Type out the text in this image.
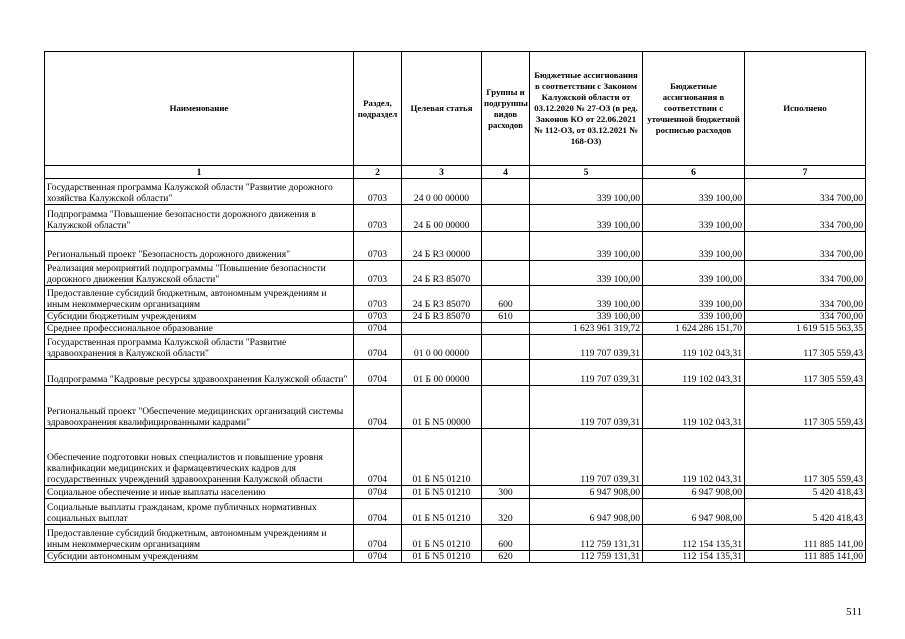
Наименование	Раздел, подраздел	Целевая статья	Группы и подгруппы видов расходов	Бюджетные ассигнования в соответствии с Законом Калужской области от 03.12.2020 № 27-ОЗ (в ред. Законов КО от 22.06.2021 № 112-ОЗ, от 03.12.2021 № 168-ОЗ)	Бюджетные ассигнования в соответствии с уточненной бюджетной росписью расходов	Исполнено
1	2	3	4	5	6	7
Государственная программа Калужской области "Развитие дорожного хозяйства Калужской области"	0703	24 0 00 00000		339 100,00	339 100,00	334 700,00
Подпрограмма "Повышение безопасности дорожного движения в Калужской области"	0703	24 Б 00 00000		339 100,00	339 100,00	334 700,00
Региональный проект "Безопасность дорожного движения"	0703	24 Б R3 00000		339 100,00	339 100,00	334 700,00
Реализация мероприятий подпрограммы "Повышение безопасности дорожного движения Калужской области"	0703	24 Б R3 85070		339 100,00	339 100,00	334 700,00
Предоставление субсидий бюджетным, автономным учреждениям и иным некоммерческим организациям	0703	24 Б R3 85070	600	339 100,00	339 100,00	334 700,00
Субсидии бюджетным учреждениям	0703	24 Б R3 85070	610	339 100,00	339 100,00	334 700,00
Среднее профессиональное образование	0704			1 623 961 319,72	1 624 286 151,70	1 619 515 563,35
Государственная программа Калужской области "Развитие здравоохранения в Калужской области"	0704	01 0 00 00000		119 707 039,31	119 102 043,31	117 305 559,43
Подпрограмма "Кадровые ресурсы здравоохранения Калужской области"	0704	01 Б 00 00000		119 707 039,31	119 102 043,31	117 305 559,43
Региональный проект "Обеспечение медицинских организаций системы здравоохранения квалифицированными кадрами"	0704	01 Б N5 00000		119 707 039,31	119 102 043,31	117 305 559,43
Обеспечение подготовки новых специалистов и повышение уровня квалификации медицинских и фармацевтических кадров для государственных учреждений здравоохранения Калужской области	0704	01 Б N5 01210		119 707 039,31	119 102 043,31	117 305 559,43
Социальное обеспечение и иные выплаты населению	0704	01 Б N5 01210	300	6 947 908,00	6 947 908,00	5 420 418,43
Социальные выплаты гражданам, кроме публичных нормативных социальных выплат	0704	01 Б N5 01210	320	6 947 908,00	6 947 908,00	5 420 418,43
Предоставление субсидий бюджетным, автономным учреждениям и иным некоммерческим организациям	0704	01 Б N5 01210	600	112 759 131,31	112 154 135,31	111 885 141,00
Субсидии автономным учреждениям	0704	01 Б N5 01210	620	112 759 131,31	112 154 135,31	111 885 141,00
511
